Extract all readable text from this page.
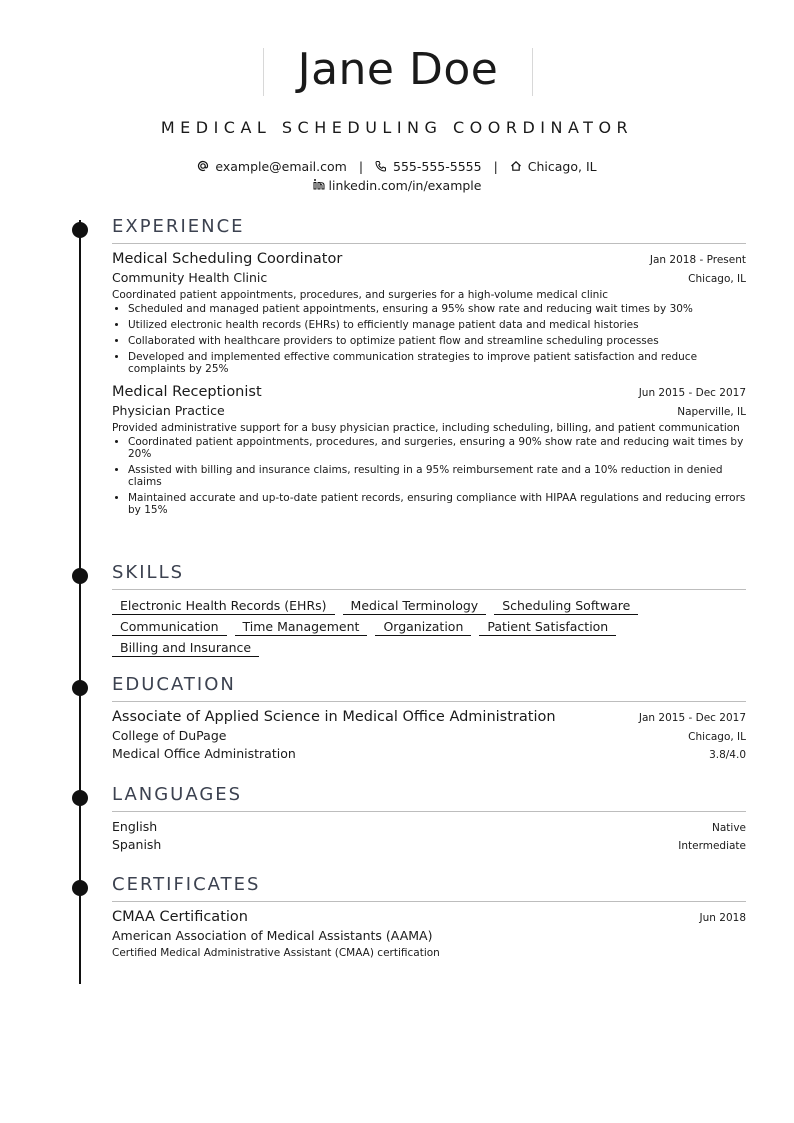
Jane Doe
MEDICAL SCHEDULING COORDINATOR
example@email.com | 555-555-5555 | Chicago, IL
linkedin.com/in/example
EXPERIENCE
Medical Scheduling Coordinator	Jan 2018 - Present
Community Health Clinic	Chicago, IL
Coordinated patient appointments, procedures, and surgeries for a high-volume medical clinic
• Scheduled and managed patient appointments, ensuring a 95% show rate and reducing wait times by 30%
• Utilized electronic health records (EHRs) to efficiently manage patient data and medical histories
• Collaborated with healthcare providers to optimize patient flow and streamline scheduling processes
• Developed and implemented effective communication strategies to improve patient satisfaction and reduce complaints by 25%
Medical Receptionist	Jun 2015 - Dec 2017
Physician Practice	Naperville, IL
Provided administrative support for a busy physician practice, including scheduling, billing, and patient communication
• Coordinated patient appointments, procedures, and surgeries, ensuring a 90% show rate and reducing wait times by 20%
• Assisted with billing and insurance claims, resulting in a 95% reimbursement rate and a 10% reduction in denied claims
• Maintained accurate and up-to-date patient records, ensuring compliance with HIPAA regulations and reducing errors by 15%
SKILLS
Electronic Health Records (EHRs)	Medical Terminology	Scheduling Software
Communication	Time Management	Organization	Patient Satisfaction
Billing and Insurance
EDUCATION
Associate of Applied Science in Medical Office Administration	Jan 2015 - Dec 2017
College of DuPage	Chicago, IL
Medical Office Administration	3.8/4.0
LANGUAGES
English	Native
Spanish	Intermediate
CERTIFICATES
CMAA Certification	Jun 2018
American Association of Medical Assistants (AAMA)
Certified Medical Administrative Assistant (CMAA) certification
